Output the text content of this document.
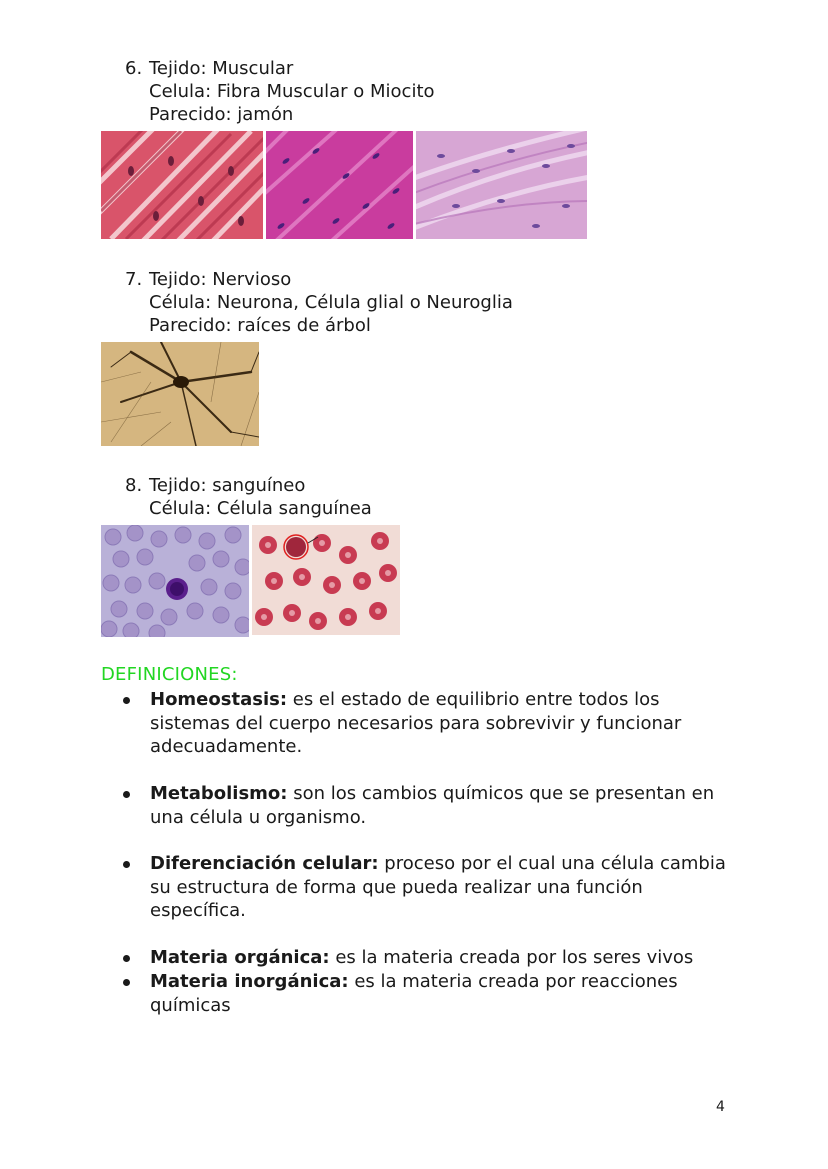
6. Tejido: Muscular
Celula: Fibra Muscular o Miocito
Parecido: jamón
7. Tejido: Nervioso
Célula: Neurona, Célula glial o Neuroglia
Parecido: raíces de árbol
8. Tejido: sanguíneo
Célula: Célula sanguínea
DEFINICIONES:
Homeostasis: es el estado de equilibrio entre todos los sistemas del cuerpo necesarios para sobrevivir y funcionar adecuadamente.
Metabolismo: son los cambios químicos que se presentan en una célula u organismo.
Diferenciación celular: proceso por el cual una célula cambia su estructura de forma que pueda realizar una función específica.
Materia orgánica: es la materia creada por los seres vivos
Materia inorgánica: es la materia creada por reacciones químicas
4
